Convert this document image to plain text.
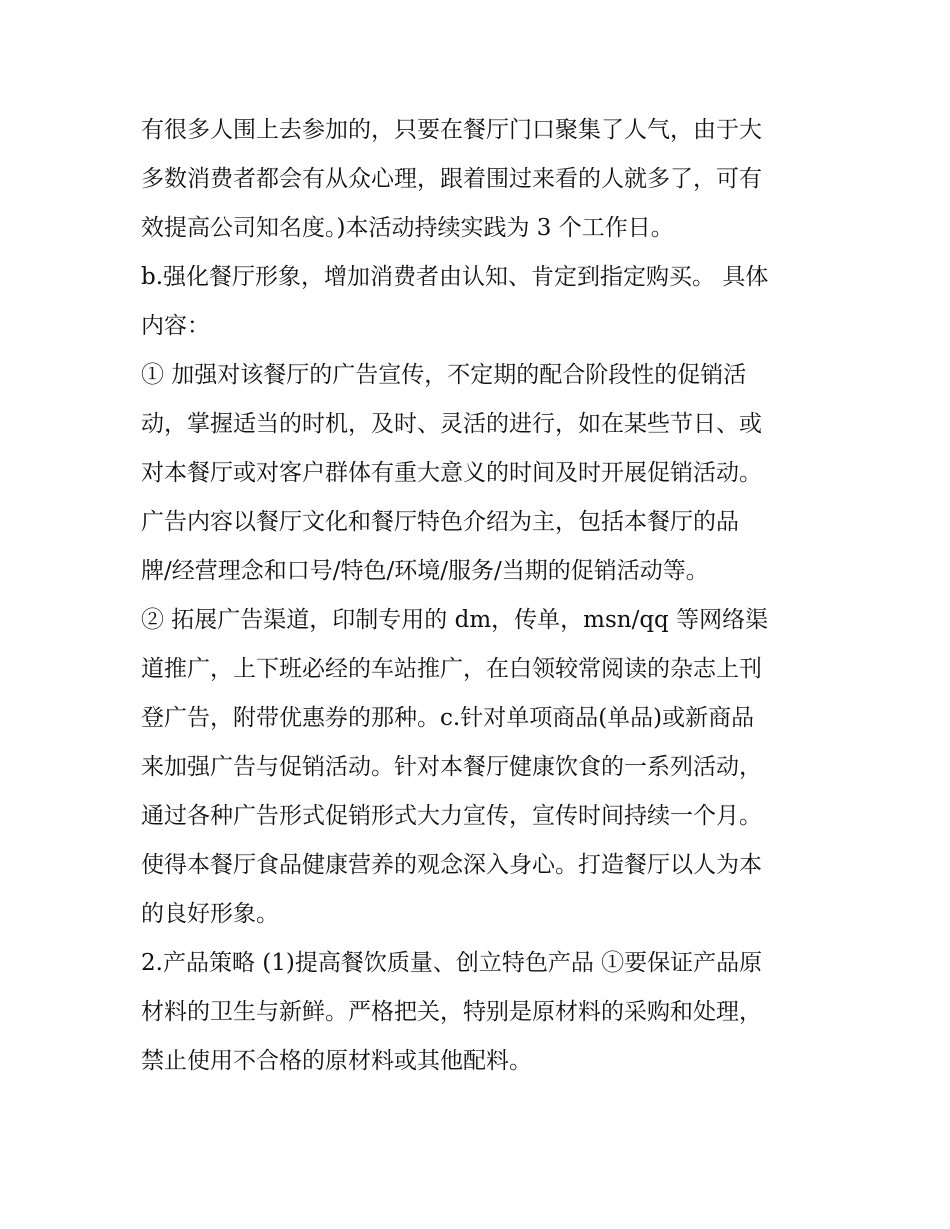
有很多人围上去参加的，只要在餐厅门口聚集了人气，由于大
多数消费者都会有从众心理，跟着围过来看的人就多了，可有
效提高公司知名度。)本活动持续实践为 3 个工作日。
b.强化餐厅形象，增加消费者由认知、肯定到指定购买。 具体
内容：
① 加强对该餐厅的广告宣传，不定期的配合阶段性的促销活
动，掌握适当的时机，及时、灵活的进行，如在某些节日、或
对本餐厅或对客户群体有重大意义的时间及时开展促销活动。
广告内容以餐厅文化和餐厅特色介绍为主，包括本餐厅的品
牌/经营理念和口号/特色/环境/服务/当期的促销活动等。
② 拓展广告渠道，印制专用的 dm，传单，msn/qq 等网络渠
道推广，上下班必经的车站推广，在白领较常阅读的杂志上刊
登广告，附带优惠券的那种。c.针对单项商品(单品)或新商品
来加强广告与促销活动。针对本餐厅健康饮食的一系列活动，
通过各种广告形式促销形式大力宣传，宣传时间持续一个月。
使得本餐厅食品健康营养的观念深入身心。打造餐厅以人为本
的良好形象。
2.产品策略 (1)提高餐饮质量、创立特色产品 ①要保证产品原
材料的卫生与新鲜。严格把关，特别是原材料的采购和处理，
禁止使用不合格的原材料或其他配料。
